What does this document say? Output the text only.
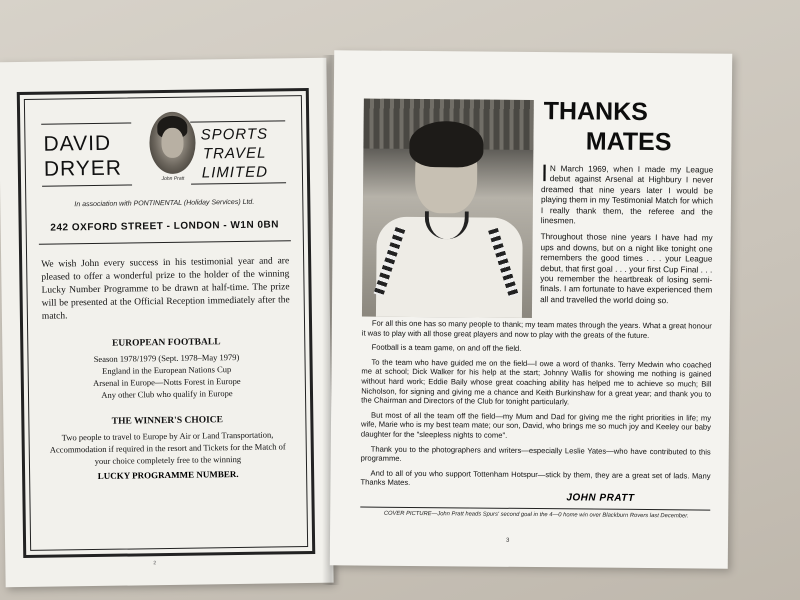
DAVID
DRYER	John Pratt
SPORTS
TRAVEL
LIMITED
In association with PONTINENTAL (Holiday Services) Ltd.
242 OXFORD STREET - LONDON - W1N 0BN
We wish John every success in his testimonial year and are pleased to offer a wonderful prize to the holder of the winning Lucky Number Programme to be drawn at half-time. The prize will be presented at the Official Reception immediately after the match.
EUROPEAN FOOTBALL
Season 1978/1979 (Sept. 1978–May 1979)
England in the European Nations Cup
Arsenal in Europe—Notts Forest in Europe
Any other Club who qualify in Europe
THE WINNER'S CHOICE
Two people to travel to Europe by Air or Land Transportation, Accommodation if required in the resort and Tickets for the Match of your choice completely free to the winning
LUCKY PROGRAMME NUMBER.
2
THANKS
MATES

I N March 1969, when I made my League debut against Arsenal at Highbury I never dreamed that nine years later I would be playing them in my Testimonial Match for which I really thank them, the referee and the linesmen.

Throughout those nine years I have had my ups and downs, but on a night like tonight one remembers the good times . . . your League debut, that first goal . . . your first Cup Final . . . you remember the heartbreak of losing semi-finals. I am fortunate to have experienced them all and travelled the world doing so.

For all this one has so many people to thank; my team mates through the years. What a great honour it was to play with all those great players and now to play with the greats of the future.

Football is a team game, on and off the field.

To the team who have guided me on the field—I owe a word of thanks. Terry Medwin who coached me at school; Dick Walker for his help at the start; Johnny Wallis for showing me nothing is gained without hard work; Eddie Baily whose great coaching ability has helped me to achieve so much; Bill Nicholson, for signing and giving me a chance and Keith Burkinshaw for a great year; and thank you to the Chairman and Directors of the Club for tonight particularly.

But most of all the team off the field—my Mum and Dad for giving me the right priorities in life; my wife, Marie who is my best team mate; our son, David, who brings me so much joy and Keeley our baby daughter for the "sleepless nights to come".

Thank you to the photographers and writers—especially Leslie Yates—who have contributed to this programme.

And to all of you who support Tottenham Hotspur—stick by them, they are a great set of lads. Many Thanks Mates.

JOHN PRATT
COVER PICTURE—John Pratt heads Spurs' second goal in the 4—0 home win over Blackburn Rovers last December.
3
